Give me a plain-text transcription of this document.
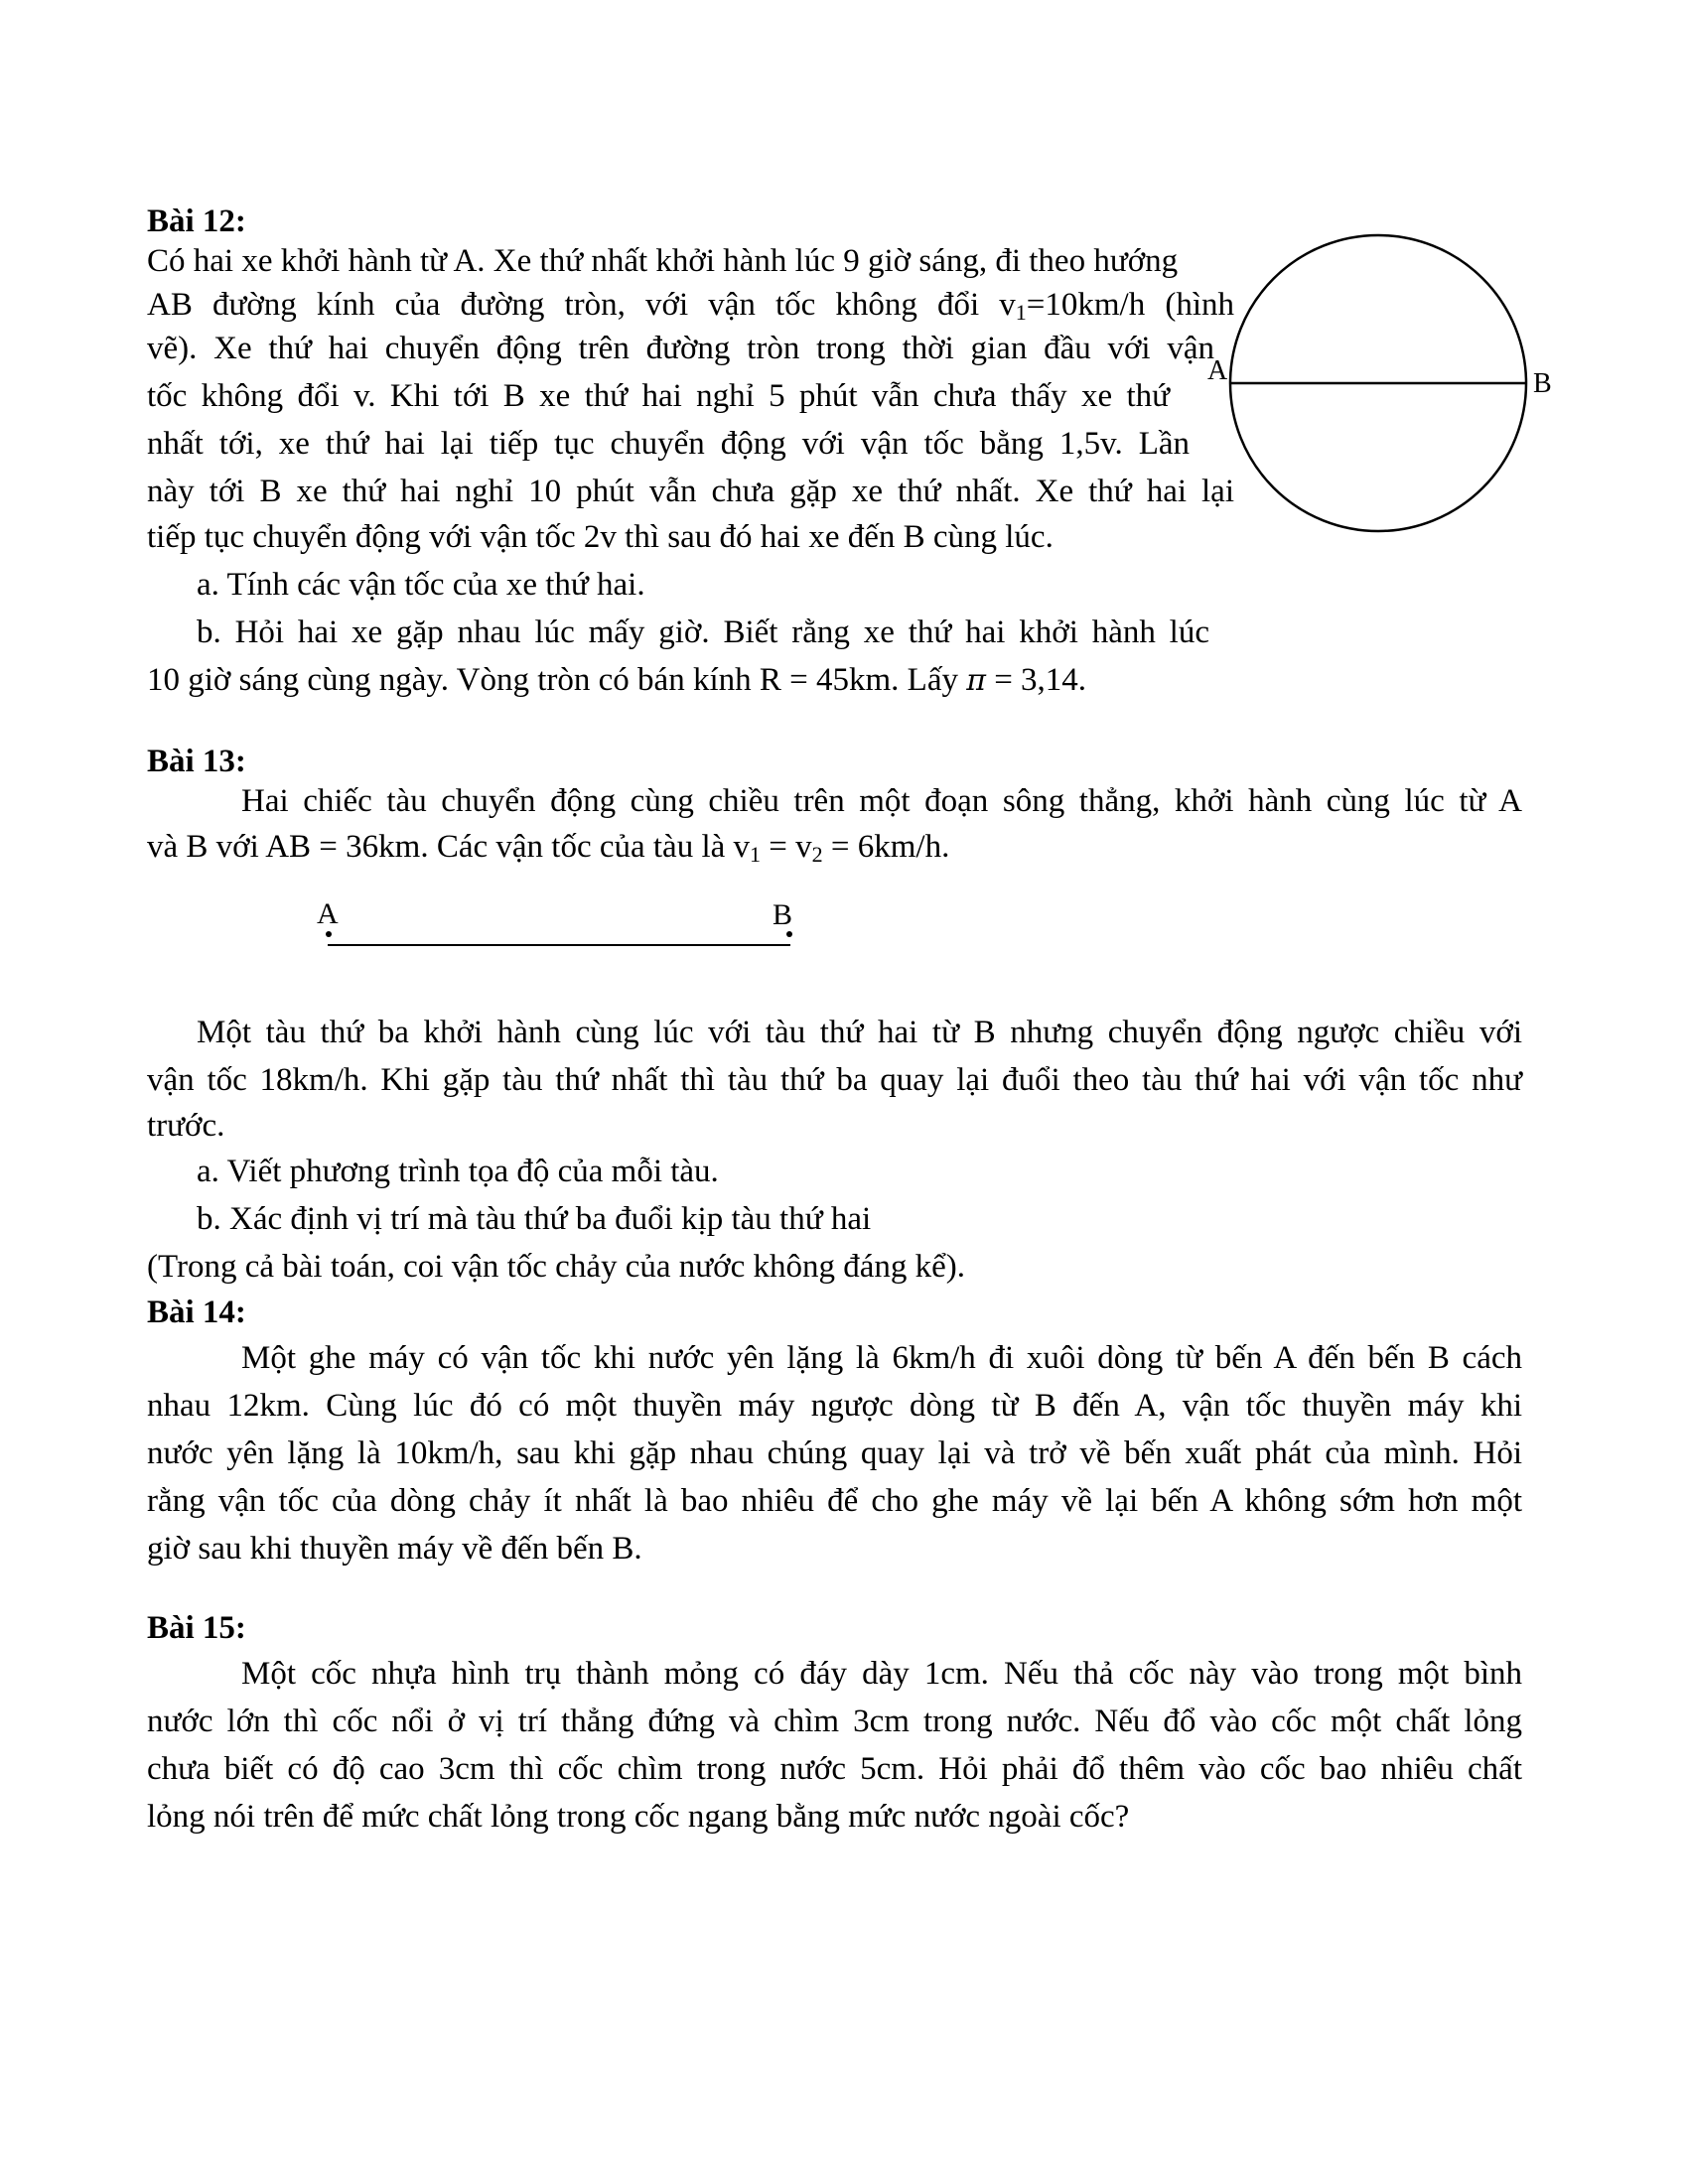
Bài 12:
Có hai xe khởi hành từ A. Xe thứ nhất khởi hành lúc 9 giờ sáng, đi theo hướng
AB đường kính của đường tròn, với vận tốc không đổi $v_1=10km/h$ (hình
vẽ). Xe thứ hai chuyển động trên đường tròn trong thời gian đầu với vận
tốc không đổi v. Khi tới B xe thứ hai nghỉ 5 phút vẫn chưa thấy xe thứ
nhất tới, xe thứ hai lại tiếp tục chuyển động với vận tốc bằng 1,5v. Lần
này tới B xe thứ hai nghỉ 10 phút vẫn chưa gặp xe thứ nhất. Xe thứ hai lại
tiếp tục chuyển động với vận tốc 2v thì sau đó hai xe đến B cùng lúc.
a. Tính các vận tốc của xe thứ hai.
b. Hỏi hai xe gặp nhau lúc mấy giờ. Biết rằng xe thứ hai khởi hành lúc
10 giờ sáng cùng ngày. Vòng tròn có bán kính R = 45km. Lấy π = 3,14.
A	B
Bài 13:
Hai chiếc tàu chuyển động cùng chiều trên một đoạn sông thẳng, khởi hành cùng lúc từ A
và B với AB = 36km. Các vận tốc của tàu là $v_1 = v_2 = 6km/h$.
A	B
Một tàu thứ ba khởi hành cùng lúc với tàu thứ hai từ B nhưng chuyển động ngược chiều với
vận tốc 18km/h. Khi gặp tàu thứ nhất thì tàu thứ ba quay lại đuổi theo tàu thứ hai với vận tốc như
trước.
a. Viết phương trình tọa độ của mỗi tàu.
b. Xác định vị trí mà tàu thứ ba đuổi kịp tàu thứ hai
(Trong cả bài toán, coi vận tốc chảy của nước không đáng kể).
Bài 14:
Một ghe máy có vận tốc khi nước yên lặng là 6km/h đi xuôi dòng từ bến A đến bến B cách
nhau 12km. Cùng lúc đó có một thuyền máy ngược dòng từ B đến A, vận tốc thuyền máy khi
nước yên lặng là 10km/h, sau khi gặp nhau chúng quay lại và trở về bến xuất phát của mình. Hỏi
rằng vận tốc của dòng chảy ít nhất là bao nhiêu để cho ghe máy về lại bến A không sớm hơn một
giờ sau khi thuyền máy về đến bến B.
Bài 15:
Một cốc nhựa hình trụ thành mỏng có đáy dày 1cm. Nếu thả cốc này vào trong một bình
nước lớn thì cốc nổi ở vị trí thẳng đứng và chìm 3cm trong nước. Nếu đổ vào cốc một chất lỏng
chưa biết có độ cao 3cm thì cốc chìm trong nước 5cm. Hỏi phải đổ thêm vào cốc bao nhiêu chất
lỏng nói trên để mức chất lỏng trong cốc ngang bằng mức nước ngoài cốc?
